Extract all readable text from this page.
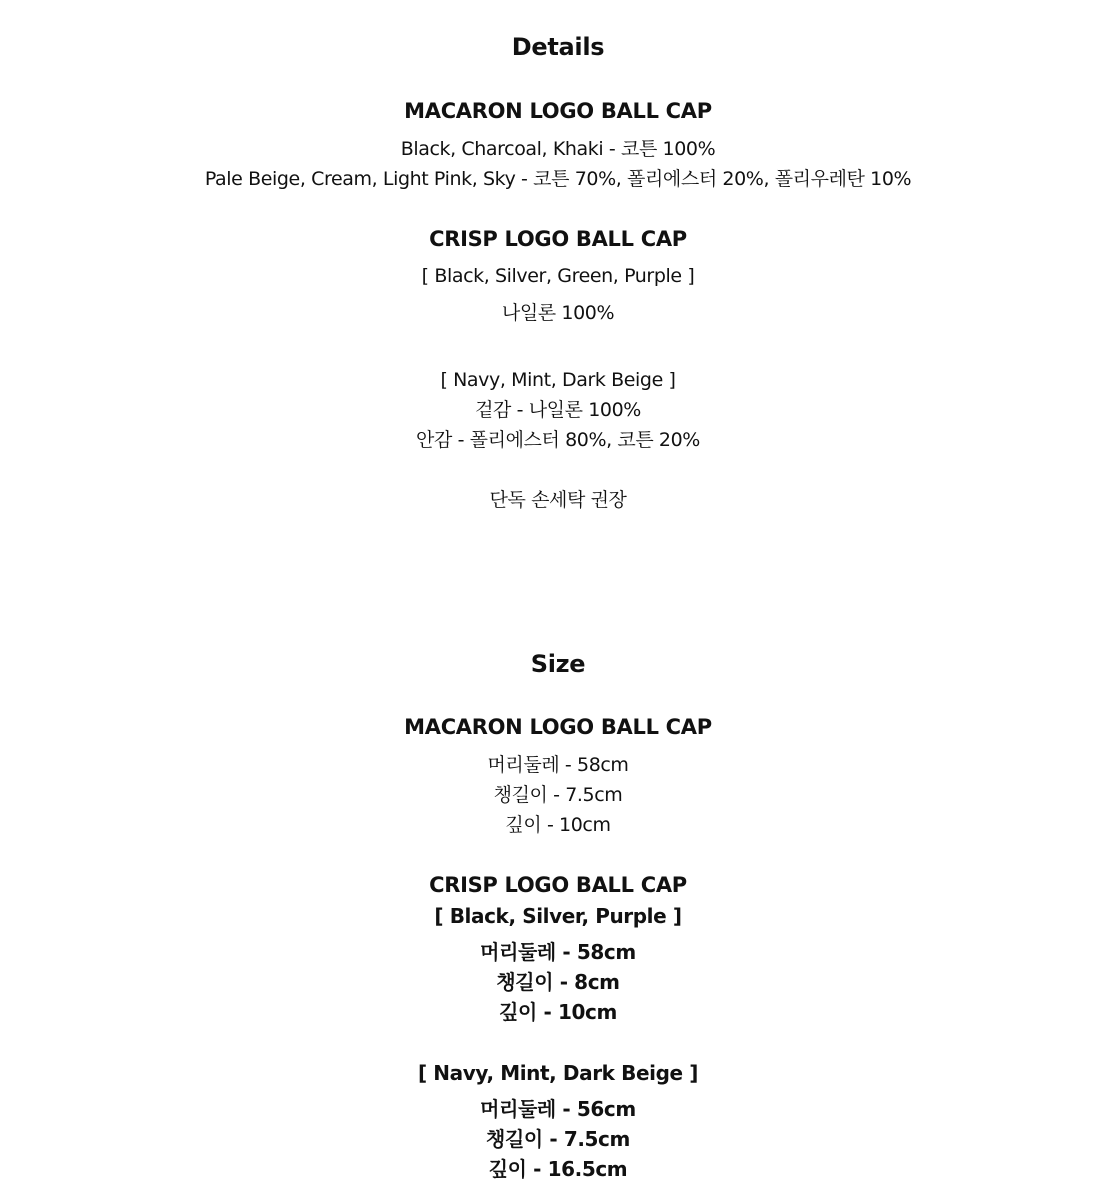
Details
MACARON LOGO BALL CAP
Black, Charcoal, Khaki - 코튼 100%
Pale Beige, Cream, Light Pink, Sky - 코튼 70%, 폴리에스터 20%, 폴리우레탄 10%
CRISP LOGO BALL CAP
[ Black, Silver, Green, Purple ]
나일론 100%
[ Navy, Mint, Dark Beige ]
겉감 - 나일론 100%
안감 - 폴리에스터 80%, 코튼 20%
단독 손세탁 권장
Size
MACARON LOGO BALL CAP
머리둘레 - 58cm
챙길이 - 7.5cm
깊이 - 10cm
CRISP LOGO BALL CAP
[ Black, Silver, Purple ]
머리둘레 - 58cm
챙길이 - 8cm
깊이 - 10cm
[ Navy, Mint, Dark Beige ]
머리둘레 - 56cm
챙길이 - 7.5cm
깊이 - 16.5cm
